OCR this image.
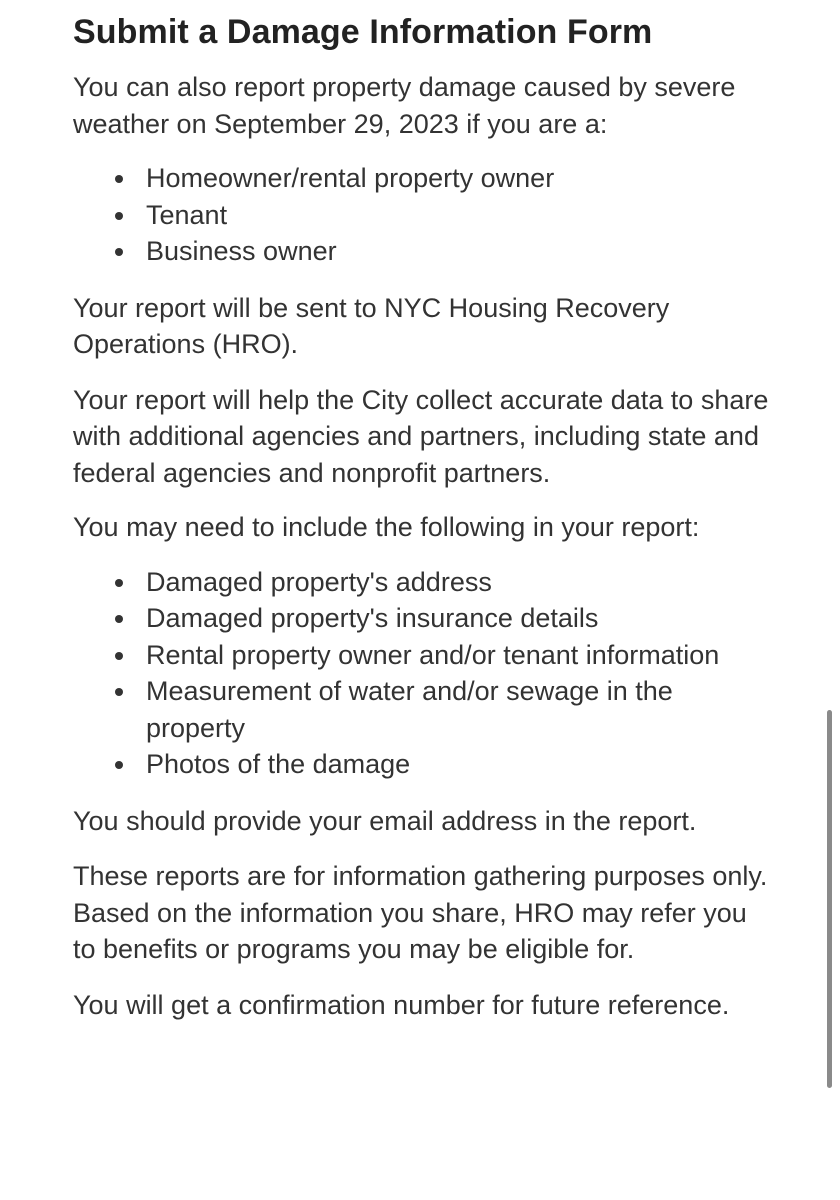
Submit a Damage Information Form

You can also report property damage caused by severe weather on September 29, 2023 if you are a:

Homeowner/rental property owner
Tenant
Business owner

Your report will be sent to NYC Housing Recovery Operations (HRO).

Your report will help the City collect accurate data to share with additional agencies and partners, including state and federal agencies and nonprofit partners.

You may need to include the following in your report:

Damaged property's address
Damaged property's insurance details
Rental property owner and/or tenant information
Measurement of water and/or sewage in the property
Photos of the damage

You should provide your email address in the report.

These reports are for information gathering purposes only. Based on the information you share, HRO may refer you to benefits or programs you may be eligible for.

You will get a confirmation number for future reference.
